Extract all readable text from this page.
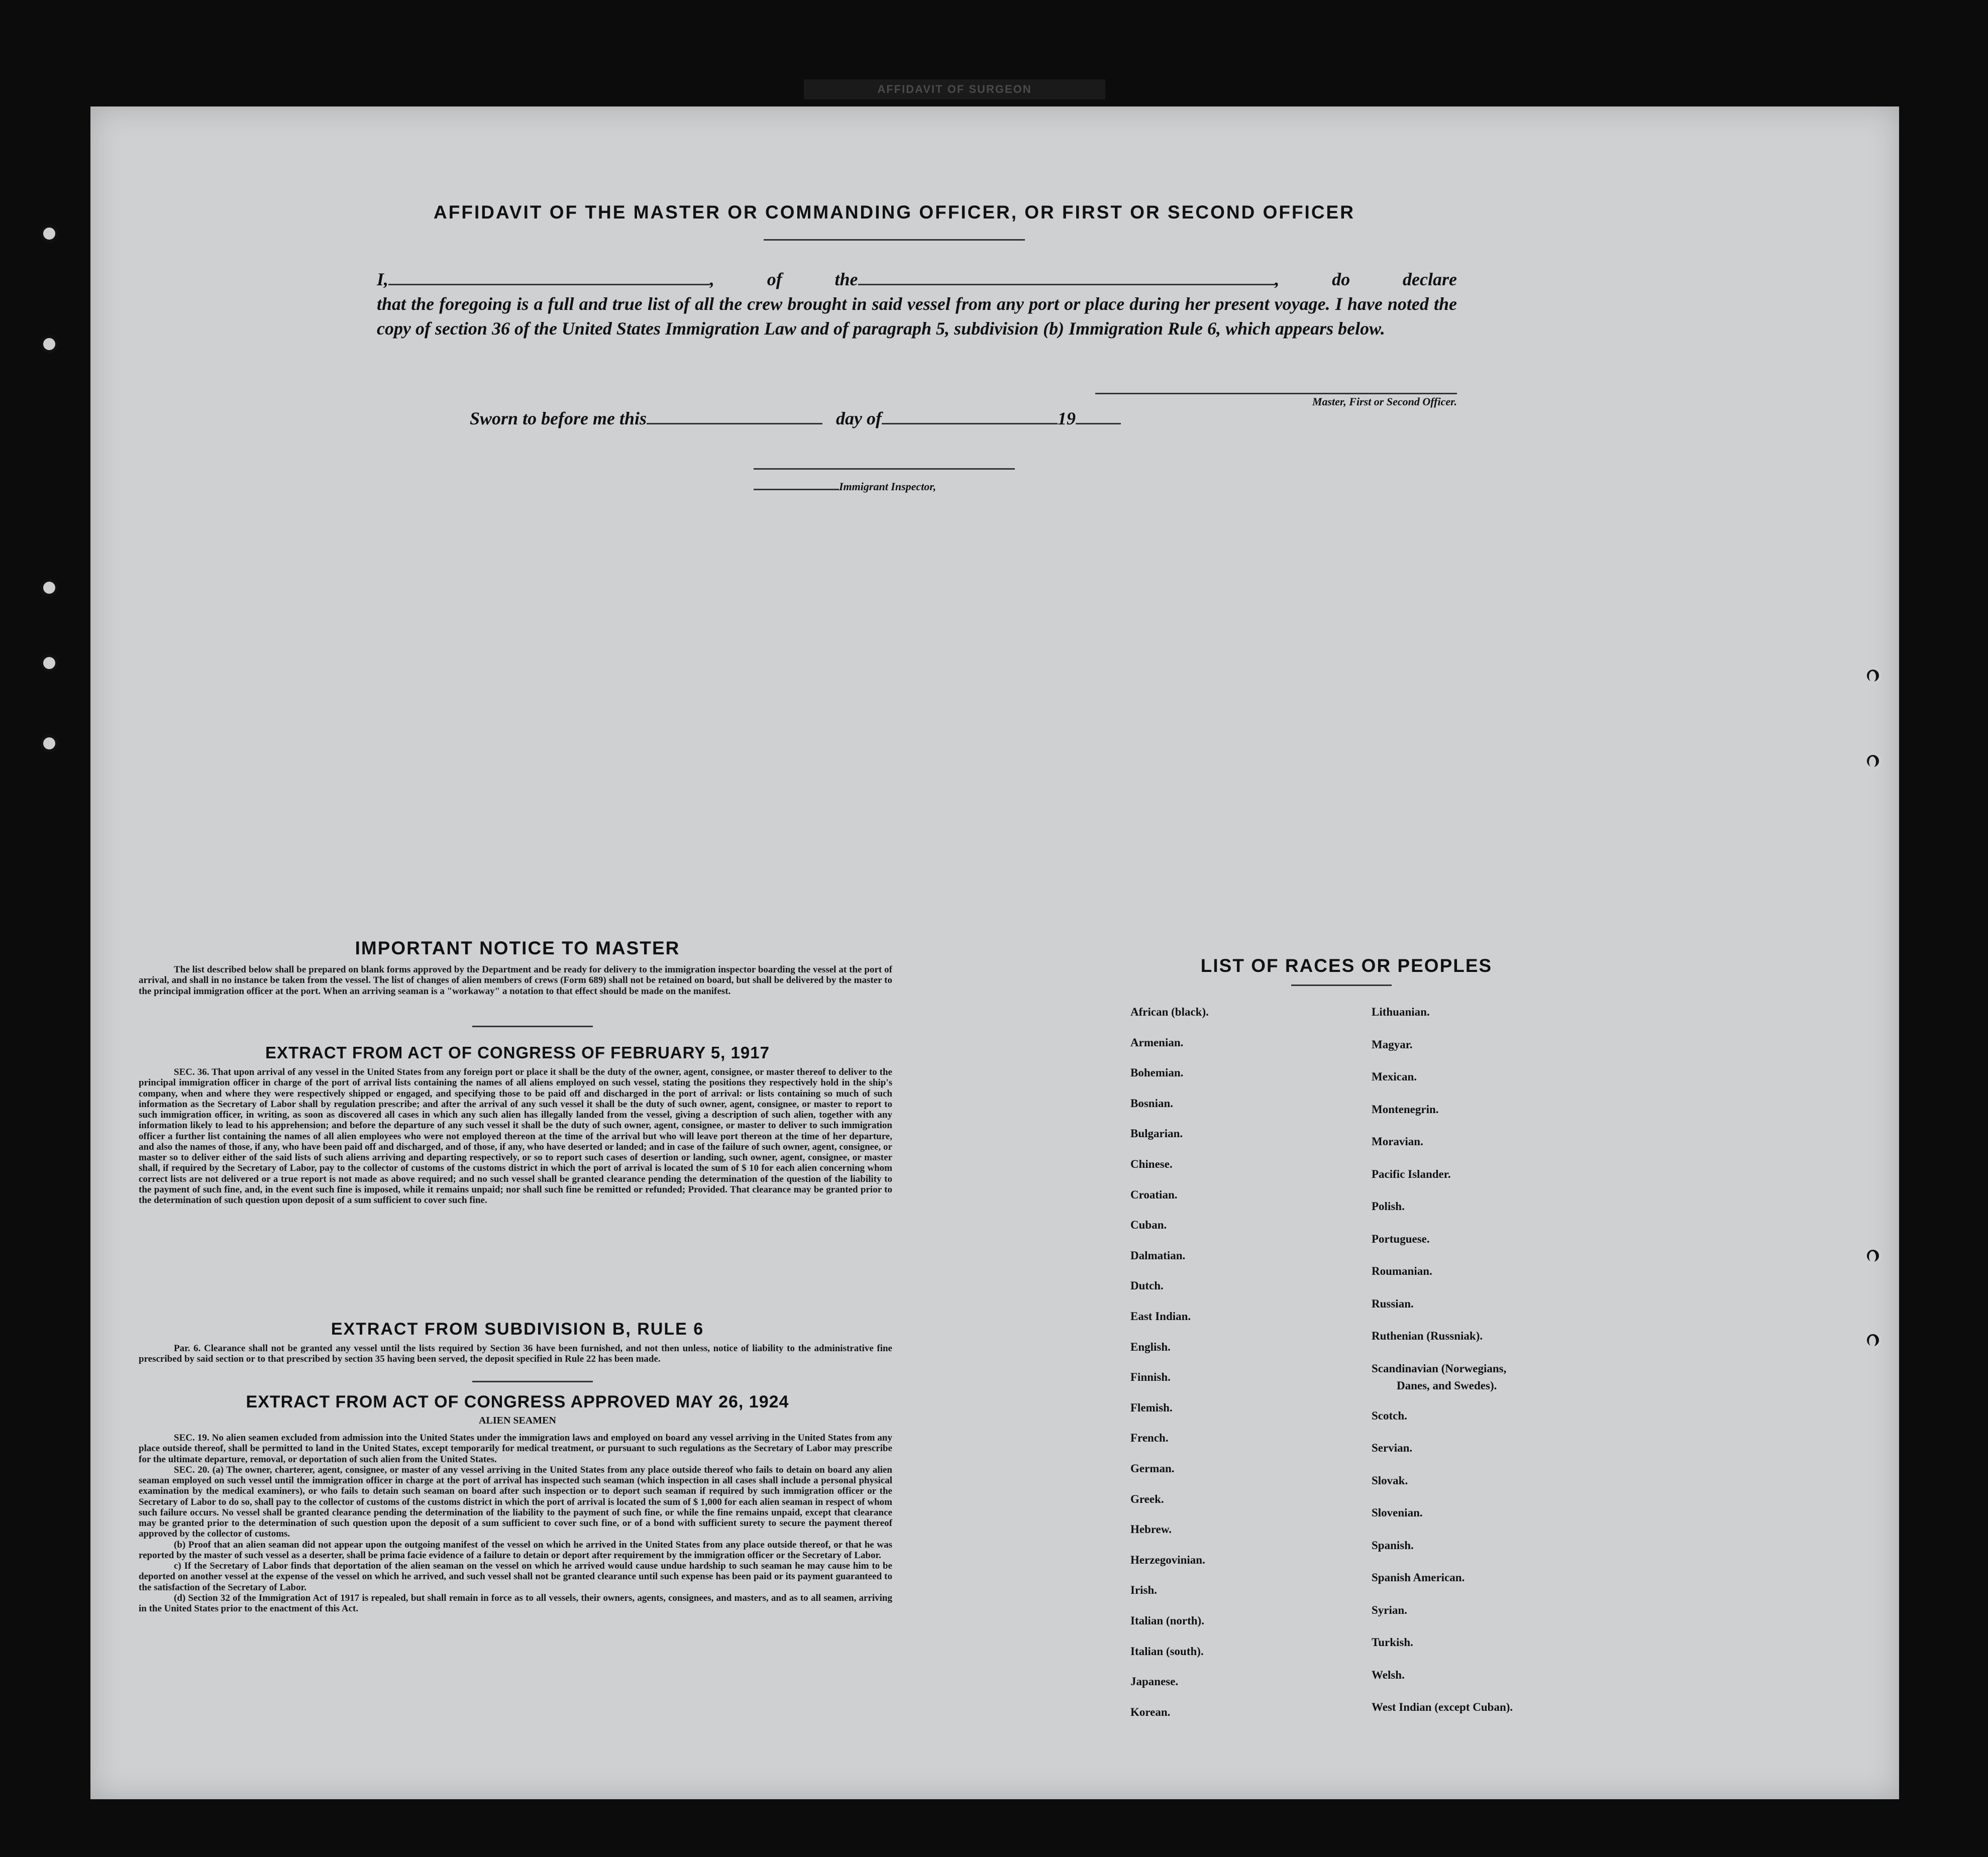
AFFIDAVIT OF SURGEON
AFFIDAVIT OF THE MASTER OR COMMANDING OFFICER, OR FIRST OR SECOND OFFICER
I,	, of the	, do declare
that the foregoing is a full and true list of all the crew brought in said vessel from any port or place during her present voyage. I have noted the copy of section 36 of the United States Immigration Law and of paragraph 5, subdivision (b) Immigration Rule 6, which appears below.
Master, First or Second Officer.
Sworn to before me this	day of	19
Immigrant Inspector,
IMPORTANT NOTICE TO MASTER
The list described below shall be prepared on blank forms approved by the Department and be ready for delivery to the immigration inspector boarding the vessel at the port of arrival, and shall in no instance be taken from the vessel. The list of changes of alien members of crews (Form 689) shall not be retained on board, but shall be delivered by the master to the principal immigration officer at the port. When an arriving seaman is a "workaway" a notation to that effect should be made on the manifest.
EXTRACT FROM ACT OF CONGRESS OF FEBRUARY 5, 1917
SEC. 36. That upon arrival of any vessel in the United States from any foreign port or place it shall be the duty of the owner, agent, consignee, or master thereof to deliver to the principal immigration officer in charge of the port of arrival lists containing the names of all aliens employed on such vessel, stating the positions they respectively hold in the ship's company, when and where they were respectively shipped or engaged, and specifying those to be paid off and discharged in the port of arrival: or lists containing so much of such information as the Secretary of Labor shall by regulation prescribe; and after the arrival of any such vessel it shall be the duty of such owner, agent, consignee, or master to report to such immigration officer, in writing, as soon as discovered all cases in which any such alien has illegally landed from the vessel, giving a description of such alien, together with any information likely to lead to his apprehension; and before the departure of any such vessel it shall be the duty of such owner, agent, consignee, or master to deliver to such immigration officer a further list containing the names of all alien employees who were not employed thereon at the time of the arrival but who will leave port thereon at the time of her departure, and also the names of those, if any, who have been paid off and discharged, and of those, if any, who have deserted or landed; and in case of the failure of such owner, agent, consignee, or master so to deliver either of the said lists of such aliens arriving and departing respectively, or so to report such cases of desertion or landing, such owner, agent, consignee, or master shall, if required by the Secretary of Labor, pay to the collector of customs of the customs district in which the port of arrival is located the sum of $ 10 for each alien concerning whom correct lists are not delivered or a true report is not made as above required; and no such vessel shall be granted clearance pending the determination of the question of the liability to the payment of such fine, and, in the event such fine is imposed, while it remains unpaid; nor shall such fine be remitted or refunded; Provided. That clearance may be granted prior to the determination of such question upon deposit of a sum sufficient to cover such fine.
EXTRACT FROM SUBDIVISION B, RULE 6
Par. 6. Clearance shall not be granted any vessel until the lists required by Section 36 have been furnished, and not then unless, notice of liability to the administrative fine prescribed by said section or to that prescribed by section 35 having been served, the deposit specified in Rule 22 has been made.
EXTRACT FROM ACT OF CONGRESS APPROVED MAY 26, 1924
ALIEN SEAMEN
SEC. 19. No alien seamen excluded from admission into the United States under the immigration laws and employed on board any vessel arriving in the United States from any place outside thereof, shall be permitted to land in the United States, except temporarily for medical treatment, or pursuant to such regulations as the Secretary of Labor may prescribe for the ultimate departure, removal, or deportation of such alien from the United States.
SEC. 20. (a) The owner, charterer, agent, consignee, or master of any vessel arriving in the United States from any place outside thereof who fails to detain on board any alien seaman employed on such vessel until the immigration officer in charge at the port of arrival has inspected such seaman (which inspection in all cases shall include a personal physical examination by the medical examiners), or who fails to detain such seaman on board after such inspection or to deport such seaman if required by such immigration officer or the Secretary of Labor to do so, shall pay to the collector of customs of the customs district in which the port of arrival is located the sum of $ 1,000 for each alien seaman in respect of whom such failure occurs. No vessel shall be granted clearance pending the determination of the liability to the payment of such fine, or while the fine remains unpaid, except that clearance may be granted prior to the determination of such question upon the deposit of a sum sufficient to cover such fine, or of a bond with sufficient surety to secure the payment thereof approved by the collector of customs.
(b) Proof that an alien seaman did not appear upon the outgoing manifest of the vessel on which he arrived in the United States from any place outside thereof, or that he was reported by the master of such vessel as a deserter, shall be prima facie evidence of a failure to detain or deport after requirement by the immigration officer or the Secretary of Labor.
c) If the Secretary of Labor finds that deportation of the alien seaman on the vessel on which he arrived would cause undue hardship to such seaman he may cause him to be deported on another vessel at the expense of the vessel on which he arrived, and such vessel shall not be granted clearance until such expense has been paid or its payment guaranteed to the satisfaction of the Secretary of Labor.
(d) Section 32 of the Immigration Act of 1917 is repealed, but shall remain in force as to all vessels, their owners, agents, consignees, and masters, and as to all seamen, arriving in the United States prior to the enactment of this Act.
LIST OF RACES OR PEOPLES
African (black).
Armenian.
Bohemian.
Bosnian.
Bulgarian.
Chinese.
Croatian.
Cuban.
Dalmatian.
Dutch.
East Indian.
English.
Finnish.
Flemish.
French.
German.
Greek.
Hebrew.
Herzegovinian.
Irish.
Italian (north).
Italian (south).
Japanese.
Korean.
Lithuanian.
Magyar.
Mexican.
Montenegrin.
Moravian.
Pacific Islander.
Polish.
Portuguese.
Roumanian.
Russian.
Ruthenian (Russniak).
Scandinavian (Norwegians,
Danes, and Swedes).
Scotch.
Servian.
Slovak.
Slovenian.
Spanish.
Spanish American.
Syrian.
Turkish.
Welsh.
West Indian (except Cuban).
